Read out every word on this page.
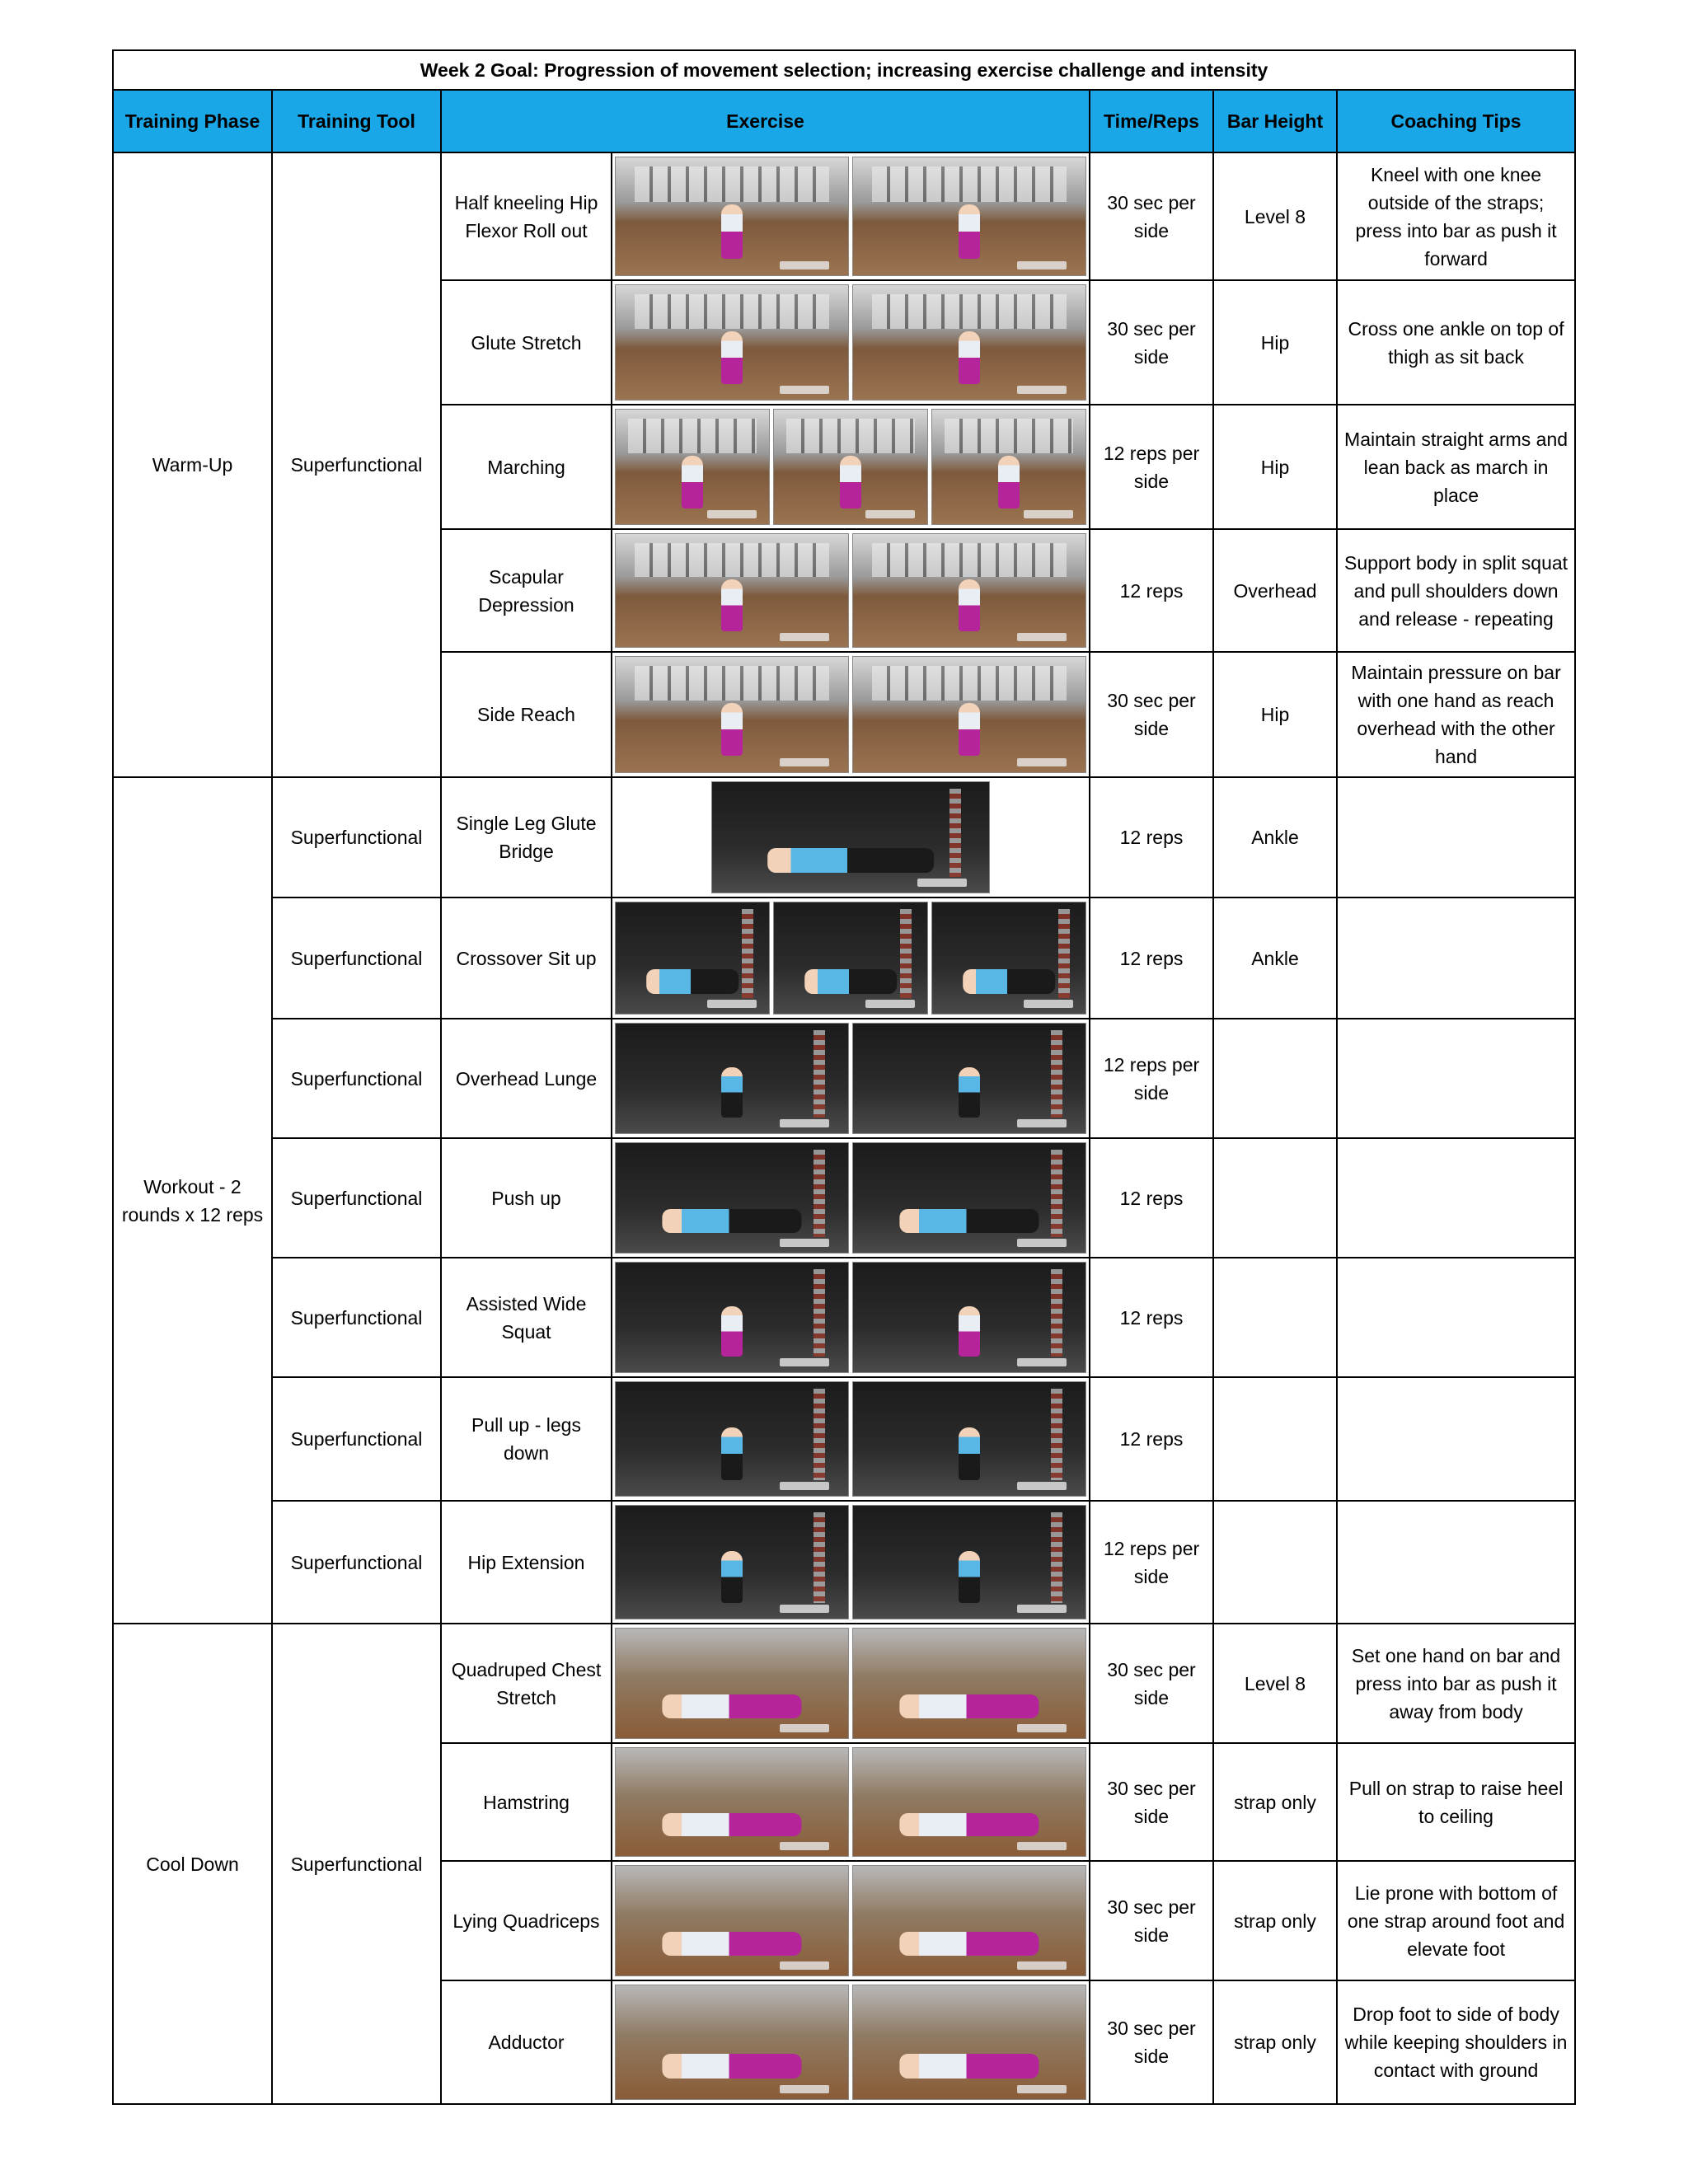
Week 2 Goal: Progression of movement selection; increasing exercise challenge and intensity						
Training Phase	Training Tool	Exercise		Time/Reps	Bar Height	Coaching Tips
Warm-Up	Superfunctional	Half kneeling Hip Flexor Roll out		30 sec per side	Level 8	Kneel with one knee outside of the straps; press into bar as push it forward
		Glute Stretch		30 sec per side	Hip	Cross one ankle on top of thigh as sit back
		Marching		12 reps per side	Hip	Maintain straight arms and lean back as march in place
		Scapular Depression		12 reps	Overhead	Support body in split squat and pull shoulders down and release - repeating
		Side Reach		30 sec per side	Hip	Maintain pressure on bar with one hand as reach overhead with the other hand
Workout - 2 rounds x 12 reps	Superfunctional	Single Leg Glute Bridge		12 reps	Ankle	
	Superfunctional	Crossover Sit up		12 reps	Ankle	
	Superfunctional	Overhead Lunge		12 reps per side		
	Superfunctional	Push up		12 reps		
	Superfunctional	Assisted Wide Squat		12 reps		
	Superfunctional	Pull up - legs down		12 reps		
	Superfunctional	Hip Extension		12 reps per side		
Cool Down	Superfunctional	Quadruped Chest Stretch		30 sec per side	Level 8	Set one hand on bar and press into bar as push it away from body
		Hamstring		30 sec per side	strap only	Pull on strap to raise heel to ceiling
		Lying Quadriceps		30 sec per side	strap only	Lie prone with bottom of one strap around foot and elevate foot
		Adductor		30 sec per side	strap only	Drop foot to side of body while keeping shoulders in contact with ground
